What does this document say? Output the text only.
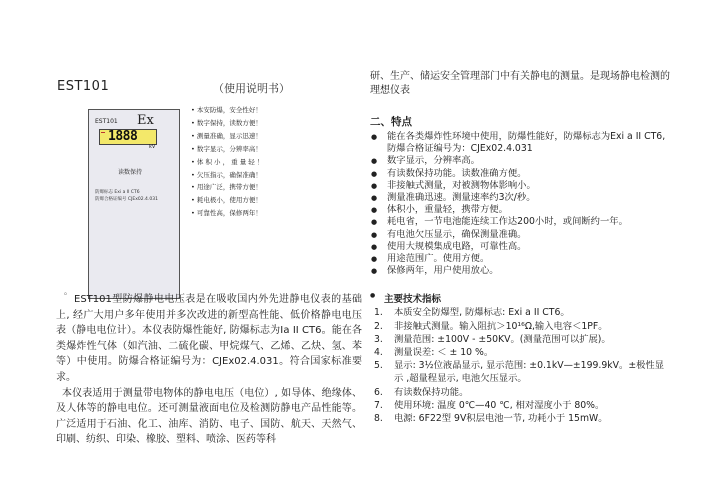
EST101	（使用说明书）
EST101 Ex
1888
kV
读数保持
防爆标志 Exi a II CT6
防爆合格证编号 CJEx02.4.031
• 本安防爆，安全性好！
• 数字保持，读数方便！
• 测量准确，显示迅速！
• 数字显示，分辨率高！
• 体 积 小 ， 重 量 轻 ！
• 欠压指示，确保准确！
• 用途广泛，携带方便！
• 耗电极小，使用方便！
• 可靠性高，保修两年！
。

EST101型防爆静电电压表是在吸收国内外先进静电仪表的基础上, 经广大用户多年使用并多次改进的新型高性能、低价格静电电压表（静电电位计）。本仪表防爆性能好, 防爆标志为Ⅰa II CT6。能在各类爆炸性气体（如汽油、二硫化碳、甲烷煤气、乙烯、乙炔、氢、苯等）中使用。防爆合格证编号为：CJEx02.4.031。符合国家标准要求。

本仪表适用于测量带电物体的静电电压（电位）, 如导体、绝缘体、及人体等的静电电位。还可测量液面电位及检测防静电产品性能等。广泛适用于石油、化工、油库、消防、电子、国防、航天、天然气、印刷、纺织、印染、橡胶、塑料、喷涂、医药等科

研、生产、储运安全管理部门中有关静电的测量。是现场静电检测的理想仪表
二、特点
● 能在各类爆炸性环境中使用，防爆性能好，防爆标志为Exi a II CT6, 防爆合格证编号为：CJEx02.4.031
● 数字显示，分辨率高。
● 有读数保持功能。读数准确方便。
● 非接触式测量，对被测物体影响小。
● 测量准确迅速。测量速率约3次/秒。
● 体积小，重量轻，携带方便。
● 耗电省，一节电池能连续工作达200小时，或间断约一年。
● 有电池欠压显示，确保测量准确。
● 使用大规模集成电路，可靠性高。
● 用途范围广。使用方便。
● 保修两年，用户使用放心。
● 主要技术指标
1. 本质安全防爆型, 防爆标志: Exi a II CT6。
2. 非接触式测量。输入阻抗＞10¹⁶Ω,输入电容＜1PF。
3. 测量范围: ±100V - ±50KV。(测量范围可以扩展)。
4. 测量误差: ＜ ± 10 %。
5. 显示: 3½位液晶显示, 显示范围: ±0.1kV—±199.9kV。±极性显示 ,超量程显示, 电池欠压显示。
6. 有读数保持功能。
7. 使用环境: 温度 0℃—40 ℃, 相对湿度小于 80%。
8. 电源: 6F22型 9V积层电池一节, 功耗小于 15mW。
